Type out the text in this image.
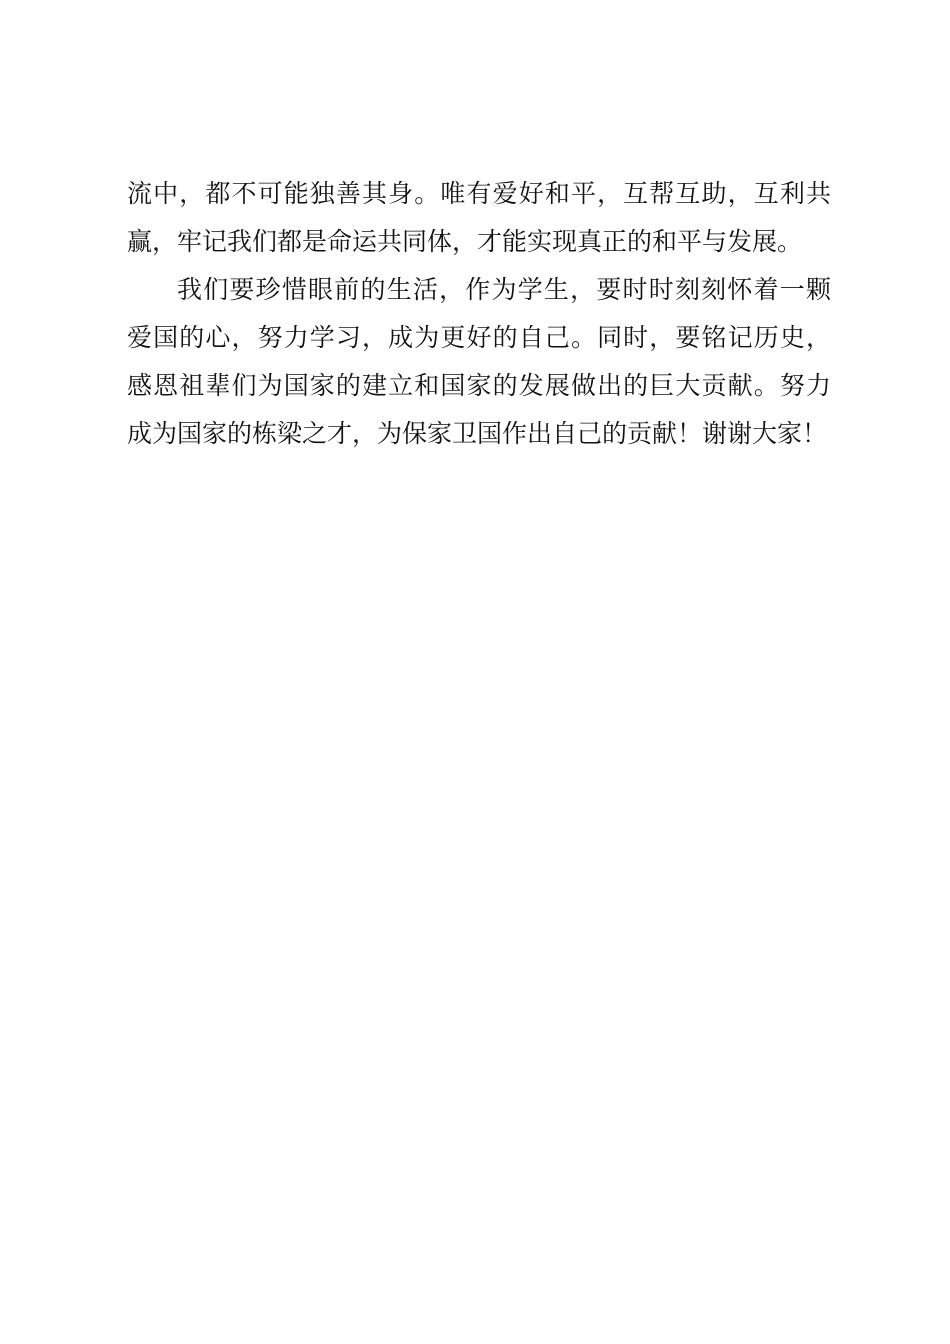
流中，都不可能独善其身。唯有爱好和平，互帮互助，互利共
赢，牢记我们都是命运共同体，才能实现真正的和平与发展。
我们要珍惜眼前的生活，作为学生，要时时刻刻怀着一颗
爱国的心，努力学习，成为更好的自己。同时，要铭记历史，
感恩祖辈们为国家的建立和国家的发展做出的巨大贡献。努力
成为国家的栋梁之才，为保家卫国作出自己的贡献！谢谢大家！
